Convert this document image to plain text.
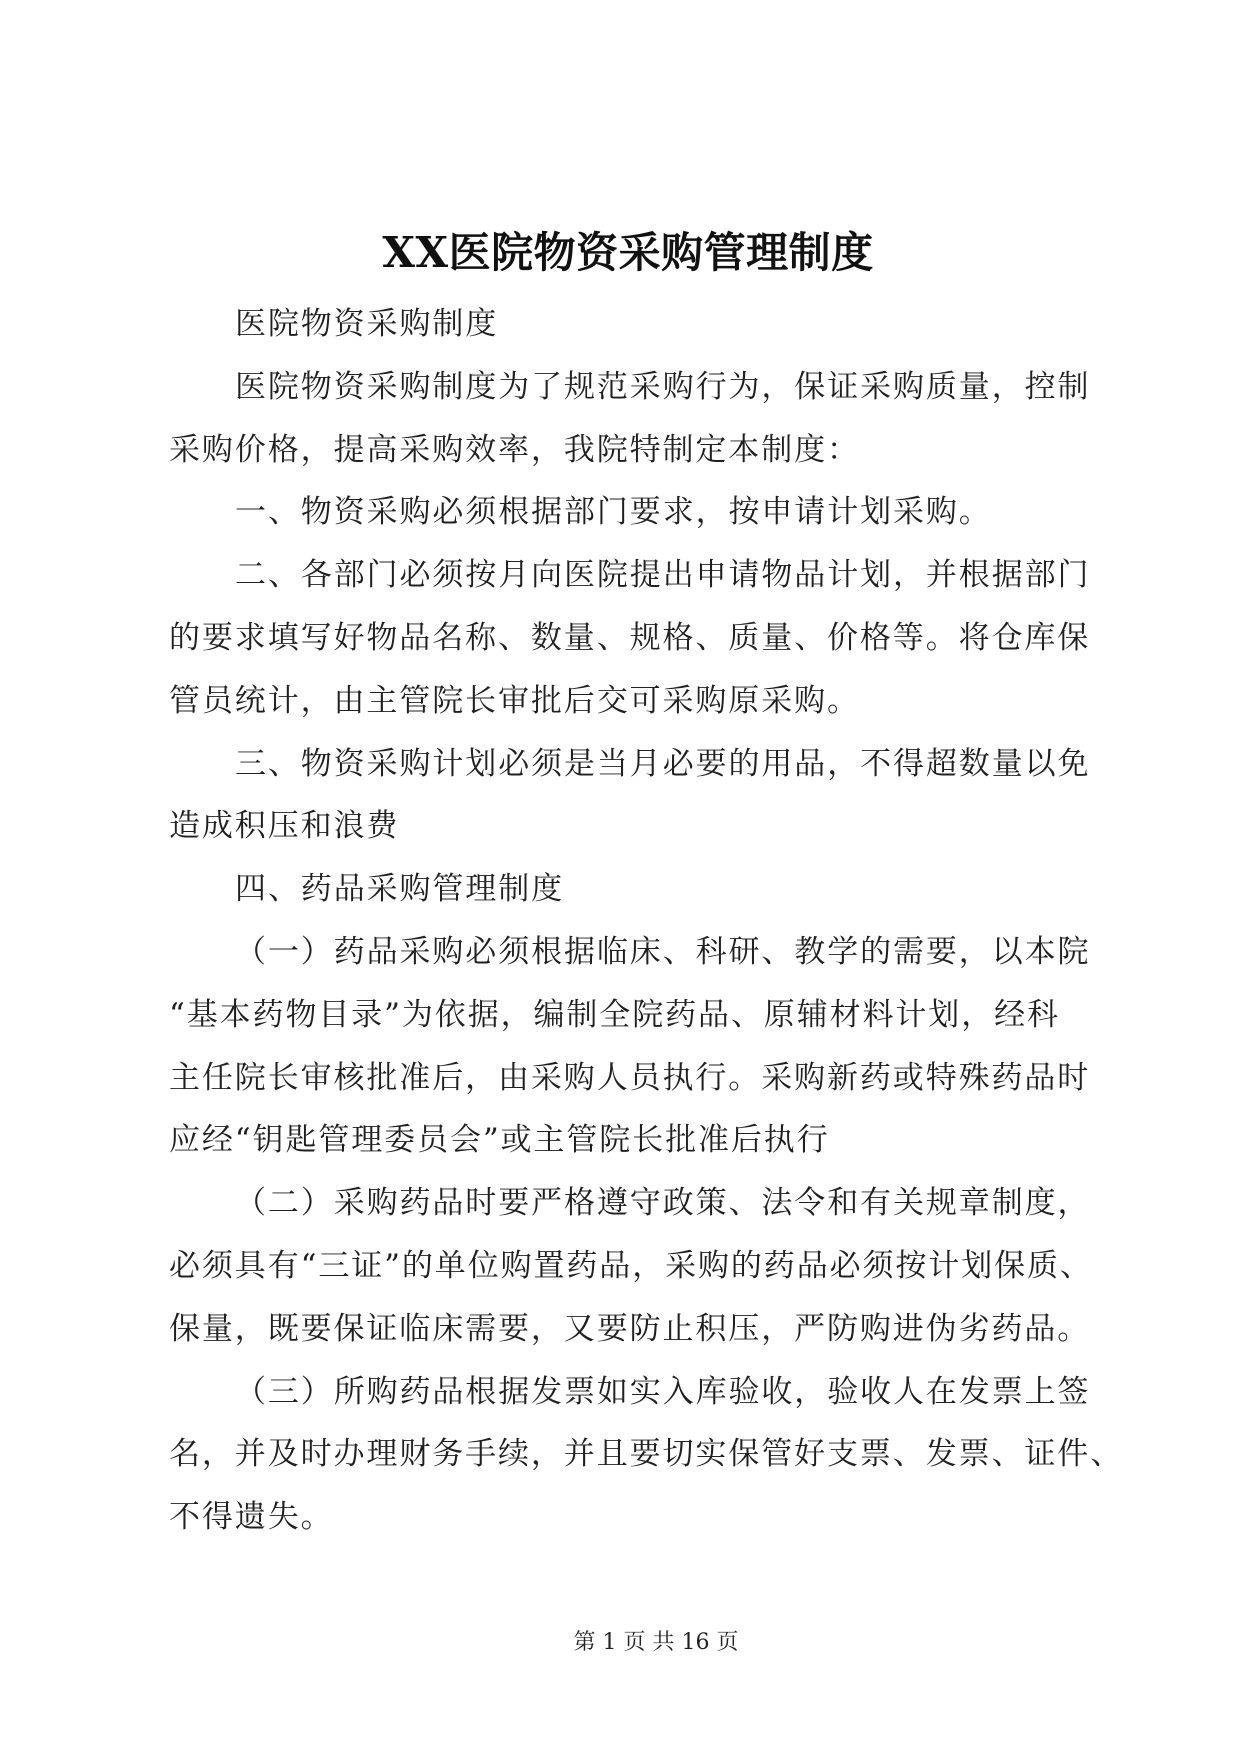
XX医院物资采购管理制度
医院物资采购制度
医院物资采购制度为了规范采购行为，保证采购质量，控制
采购价格，提高采购效率，我院特制定本制度：
一、物资采购必须根据部门要求，按申请计划采购。
二、各部门必须按月向医院提出申请物品计划，并根据部门
的要求填写好物品名称、数量、规格、质量、价格等。将仓库保
管员统计，由主管院长审批后交可采购原采购。
三、物资采购计划必须是当月必要的用品，不得超数量以免
造成积压和浪费
四、药品采购管理制度
（一）药品采购必须根据临床、科研、教学的需要，以本院
“基本药物目录”为依据，编制全院药品、原辅材料计划，经科
主任院长审核批准后，由采购人员执行。采购新药或特殊药品时
应经“钥匙管理委员会”或主管院长批准后执行
（二）采购药品时要严格遵守政策、法令和有关规章制度，
必须具有“三证”的单位购置药品，采购的药品必须按计划保质、
保量，既要保证临床需要，又要防止积压，严防购进伪劣药品。
（三）所购药品根据发票如实入库验收，验收人在发票上签
名，并及时办理财务手续，并且要切实保管好支票、发票、证件、
不得遗失。
第 1 页 共 16 页
